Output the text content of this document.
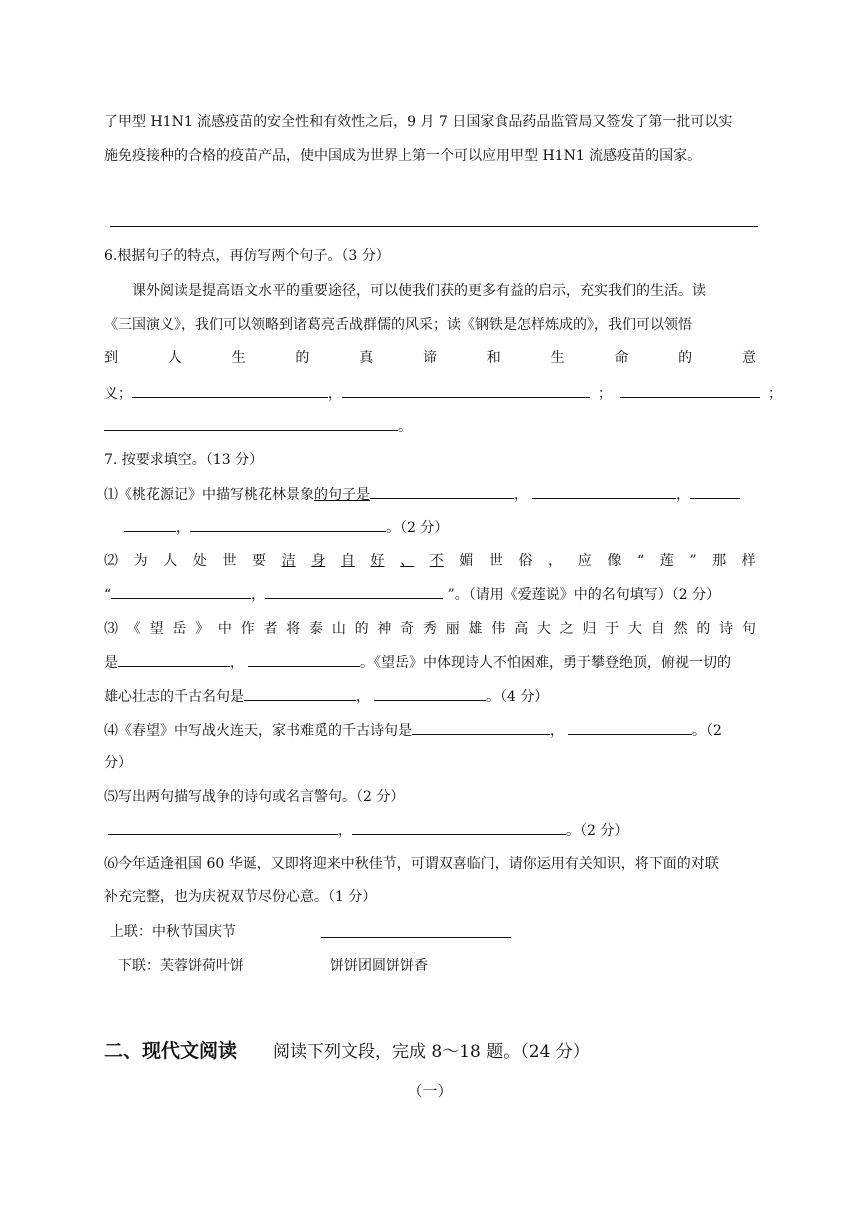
了甲型 H1N1 流感疫苗的安全性和有效性之后，9 月 7 日国家食品药品监管局又签发了第一批可以实
施免疫接种的合格的疫苗产品，使中国成为世界上第一个可以应用甲型 H1N1 流感疫苗的国家。
6.根据句子的特点，再仿写两个句子。（3 分）
课外阅读是提高语文水平的重要途径，可以使我们获的更多有益的启示，充实我们的生活。读
《三国演义》，我们可以领略到诸葛亮舌战群儒的风采；读《钢铁是怎样炼成的》，我们可以领悟
到	人	生	的	真	谛	和	生	命	的	意
义；	，	；	；
。
7. 按要求填空。（13 分）
⑴《桃花源记》中描写桃花林景象的句子是	，	，
，	。（2 分）
⑵ 为 人 处 世 要 洁 身 自 好 、 不 媚 世 俗 ， 应 像 “ 莲 ” 那 样
“	，	”。（请用《爱莲说》中的名句填写）（2 分）
⑶ 《 望 岳 》 中 作 者 将 泰 山 的 神 奇 秀 丽 雄 伟 高 大 之 归 于 大 自 然 的 诗 句
是	，	。《望岳》中体现诗人不怕困难，勇于攀登绝顶，俯视一切的
雄心壮志的千古名句是	，	。（4 分）
⑷《春望》中写战火连天，家书难觅的千古诗句是	，	。（2
分）
⑸写出两句描写战争的诗句或名言警句。（2 分）
，	。（2 分）
⑹今年适逢祖国 60 华诞，又即将迎来中秋佳节，可谓双喜临门，请你运用有关知识，将下面的对联
补充完整，也为庆祝双节尽份心意。（1 分）
上联：中秋节国庆节
下联：芙蓉饼荷叶饼	饼饼团圆饼饼香
二、现代文阅读 阅读下列文段，完成 8～18 题。（24 分）
（一）
